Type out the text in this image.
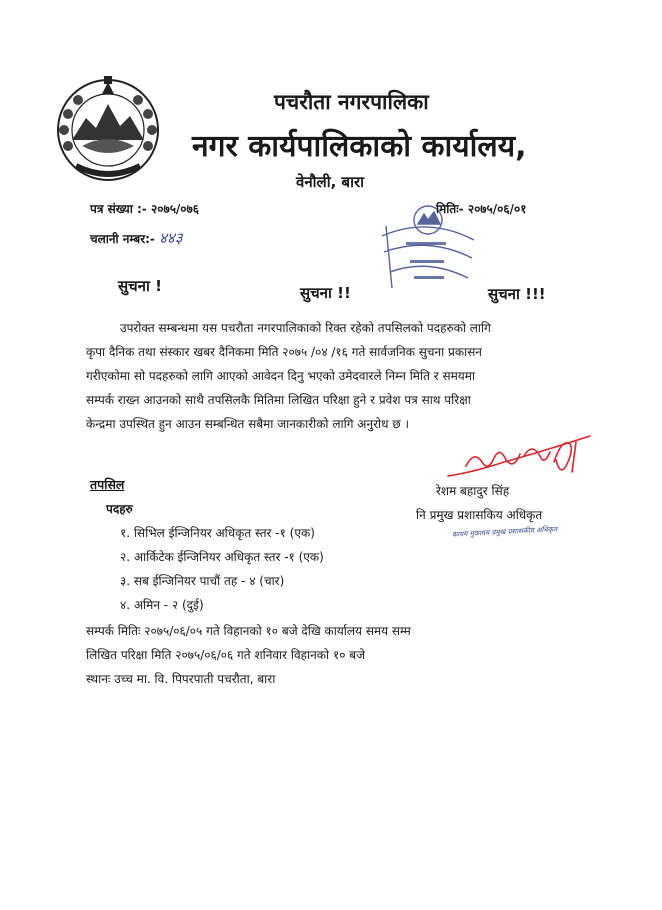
पचरौता नगरपालिका
नगर कार्यपालिकाको कार्यालय,
वेनौली, बारा
पत्र संख्या :- २०७५/०७६
चलानी नम्बर:- ४४३
मितिः- २०७५/०६/०१
सुचना !	सुचना !!	सुचना !!!
उपरोक्त सम्बन्धमा यस पचरौता नगरपालिकाको रिक्त रहेको तपसिलको पदहरुको लागि
कृपा दैनिक तथा संस्कार खबर दैनिकमा मिति २०७५ /०४ /१६ गते सार्वजनिक सुचना प्रकासन
गरीएकोमा सो पदहरुको लागि आएको आवेदन दिनु भएको उमेदवारले निम्न मिति र समयमा
सम्पर्क राख्न आउनको साथै तपसिलकै मितिमा लिखित परिक्षा हुने र प्रवेश पत्र साथ परिक्षा
केन्द्रमा उपस्थित हुन आउन सम्बन्धित सबैमा जानकारीको लागि अनुरोध छ ।
रेशम बहादुर सिंह
नि प्रमुख प्रशासकिय अधिकृत
कायम मुकायम प्रमुख प्रशासकीय अधिकृत
तपसिल
पदहरु
१. सिभिल ईन्जिनियर अधिकृत स्तर -१ (एक)
२. आर्किटेक ईन्जिनियर अधिकृत स्तर -१ (एक)
३. सब ईन्जिनियर पाचौं तह - ४ (चार)
४. अमिन - २ (दुई)
सम्पर्क मितिः २०७५/०६/०५ गते विहानको १० बजे देखि कार्यालय समय सम्म
लिखित परिक्षा मिति २०७५/०६/०६ गते शनिवार विहानको १० बजे
स्थानः उच्च मा. वि. पिपरपाती पचरौता, बारा
